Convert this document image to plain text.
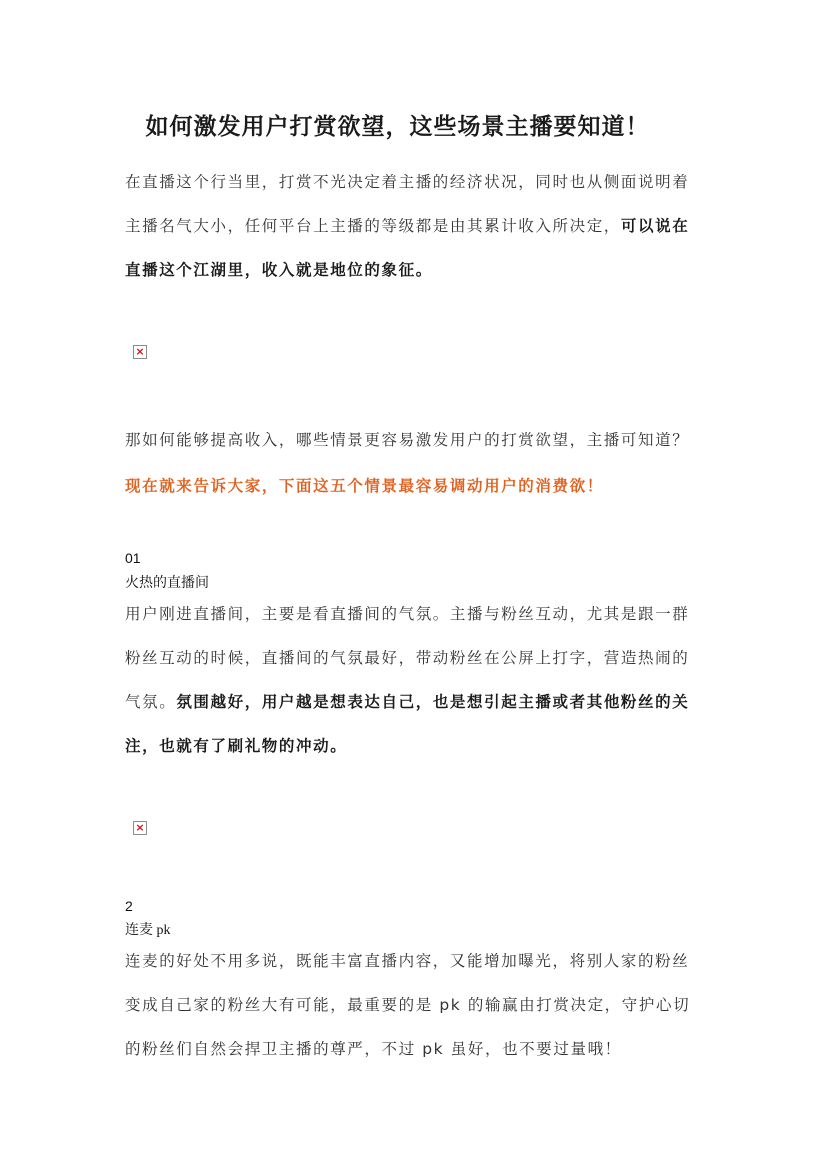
如何激发用户打赏欲望，这些场景主播要知道！
在直播这个行当里，打赏不光决定着主播的经济状况，同时也从侧面说明着主播名气大小，任何平台上主播的等级都是由其累计收入所决定，可以说在直播这个江湖里，收入就是地位的象征。
×
那如何能够提高收入，哪些情景更容易激发用户的打赏欲望，主播可知道？
现在就来告诉大家，下面这五个情景最容易调动用户的消费欲！
01
火热的直播间
用户刚进直播间，主要是看直播间的气氛。主播与粉丝互动，尤其是跟一群粉丝互动的时候，直播间的气氛最好，带动粉丝在公屏上打字，营造热闹的气氛。氛围越好，用户越是想表达自己，也是想引起主播或者其他粉丝的关注，也就有了刷礼物的冲动。
×
2
连麦 pk
连麦的好处不用多说，既能丰富直播内容，又能增加曝光，将别人家的粉丝变成自己家的粉丝大有可能，最重要的是 pk 的输赢由打赏决定，守护心切的粉丝们自然会捍卫主播的尊严，不过 pk 虽好，也不要过量哦！
